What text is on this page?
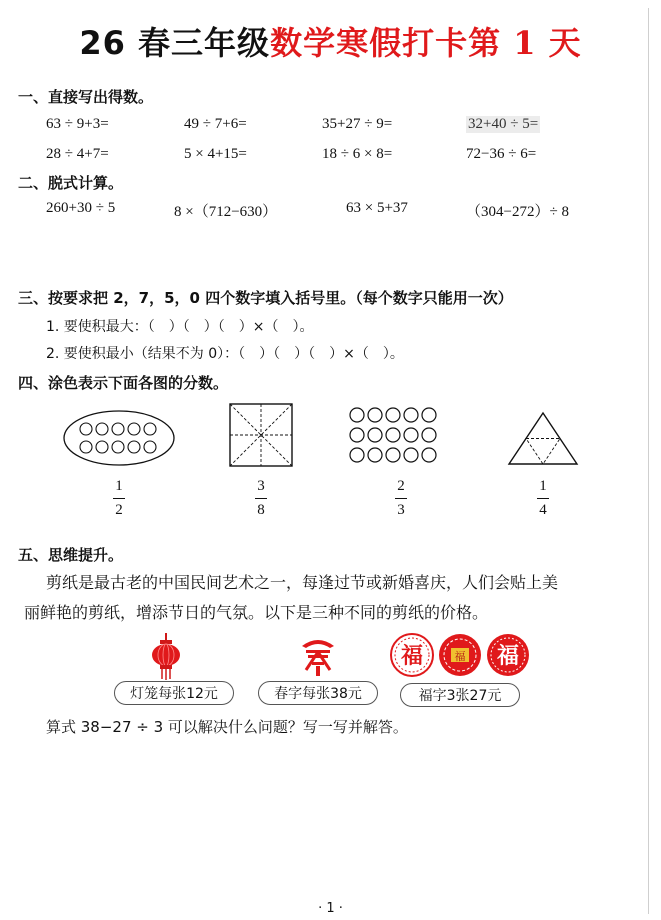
26 春三年级数学寒假打卡第 1 天
一、直接写出得数。
63 ÷ 9+3=	49 ÷ 7+6=	35+27 ÷ 9=	32+40 ÷ 5=
28 ÷ 4+7=	5 × 4+15=	18 ÷ 6 × 8=	72−36 ÷ 6=
二、脱式计算。
260+30 ÷ 5	8 ×（712−630）	63 × 5+37	（304−272）÷ 8
三、按要求把 2，7，5，0 四个数字填入括号里。（每个数字只能用一次）
1. 要使积最大：（　）（　）（　）×（　）。
2. 要使积最小（结果不为 0）：（　）（　）（　）×（　）。
四、涂色表示下面各图的分数。
1
2
3
8
2
3
1
4
五、思维提升。
剪纸是最古老的中国民间艺术之一，每逢过节或新婚喜庆，人们会贴上美
丽鲜艳的剪纸，增添节日的气氛。以下是三种不同的剪纸的价格。
福	福 福
灯笼每张12元	春字每张38元	福字3张27元
算式 38−27 ÷ 3 可以解决什么问题？写一写并解答。
· 1 ·
